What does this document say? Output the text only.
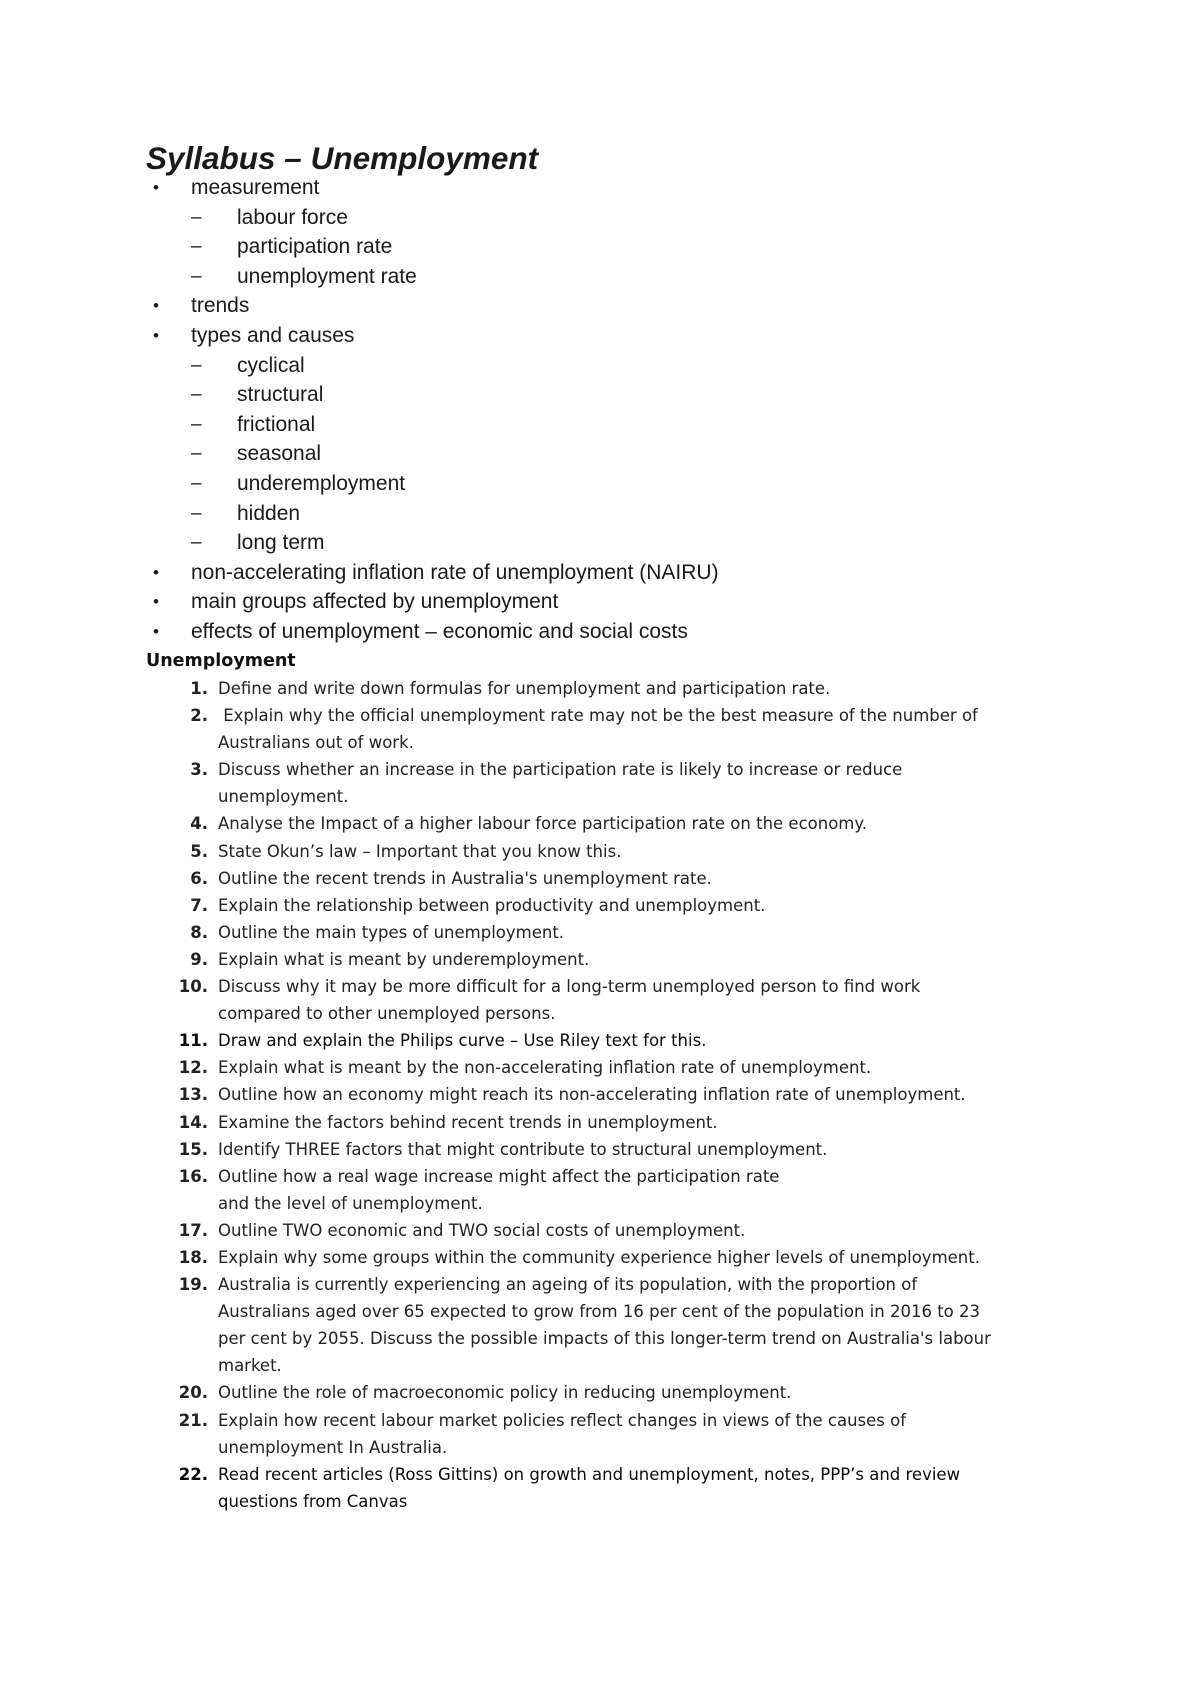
Syllabus – Unemployment
• measurement
– labour force
– participation rate
– unemployment rate
• trends
• types and causes
– cyclical
– structural
– frictional
– seasonal
– underemployment
– hidden
– long term
• non-accelerating inflation rate of unemployment (NAIRU)
• main groups affected by unemployment
• effects of unemployment – economic and social costs
Unemployment
1. Define and write down formulas for unemployment and participation rate.
2. Explain why the official unemployment rate may not be the best measure of the number of
Australians out of work.
3. Discuss whether an increase in the participation rate is likely to increase or reduce
unemployment.
4. Analyse the Impact of a higher labour force participation rate on the economy.
5. State Okun’s law – Important that you know this.
6. Outline the recent trends in Australia's unemployment rate.
7. Explain the relationship between productivity and unemployment.
8. Outline the main types of unemployment.
9. Explain what is meant by underemployment.
10. Discuss why it may be more difficult for a long-term unemployed person to find work
compared to other unemployed persons.
11. Draw and explain the Philips curve – Use Riley text for this.
12. Explain what is meant by the non-accelerating inflation rate of unemployment.
13. Outline how an economy might reach its non-accelerating inflation rate of unemployment.
14. Examine the factors behind recent trends in unemployment.
15. Identify THREE factors that might contribute to structural unemployment.
16. Outline how a real wage increase might affect the participation rate
and the level of unemployment.
17. Outline TWO economic and TWO social costs of unemployment.
18. Explain why some groups within the community experience higher levels of unemployment.
19. Australia is currently experiencing an ageing of its population, with the proportion of
Australians aged over 65 expected to grow from 16 per cent of the population in 2016 to 23
per cent by 2055. Discuss the possible impacts of this longer-term trend on Australia's labour
market.
20. Outline the role of macroeconomic policy in reducing unemployment.
21. Explain how recent labour market policies reflect changes in views of the causes of
unemployment In Australia.
22. Read recent articles (Ross Gittins) on growth and unemployment, notes, PPP’s and review
questions from Canvas
